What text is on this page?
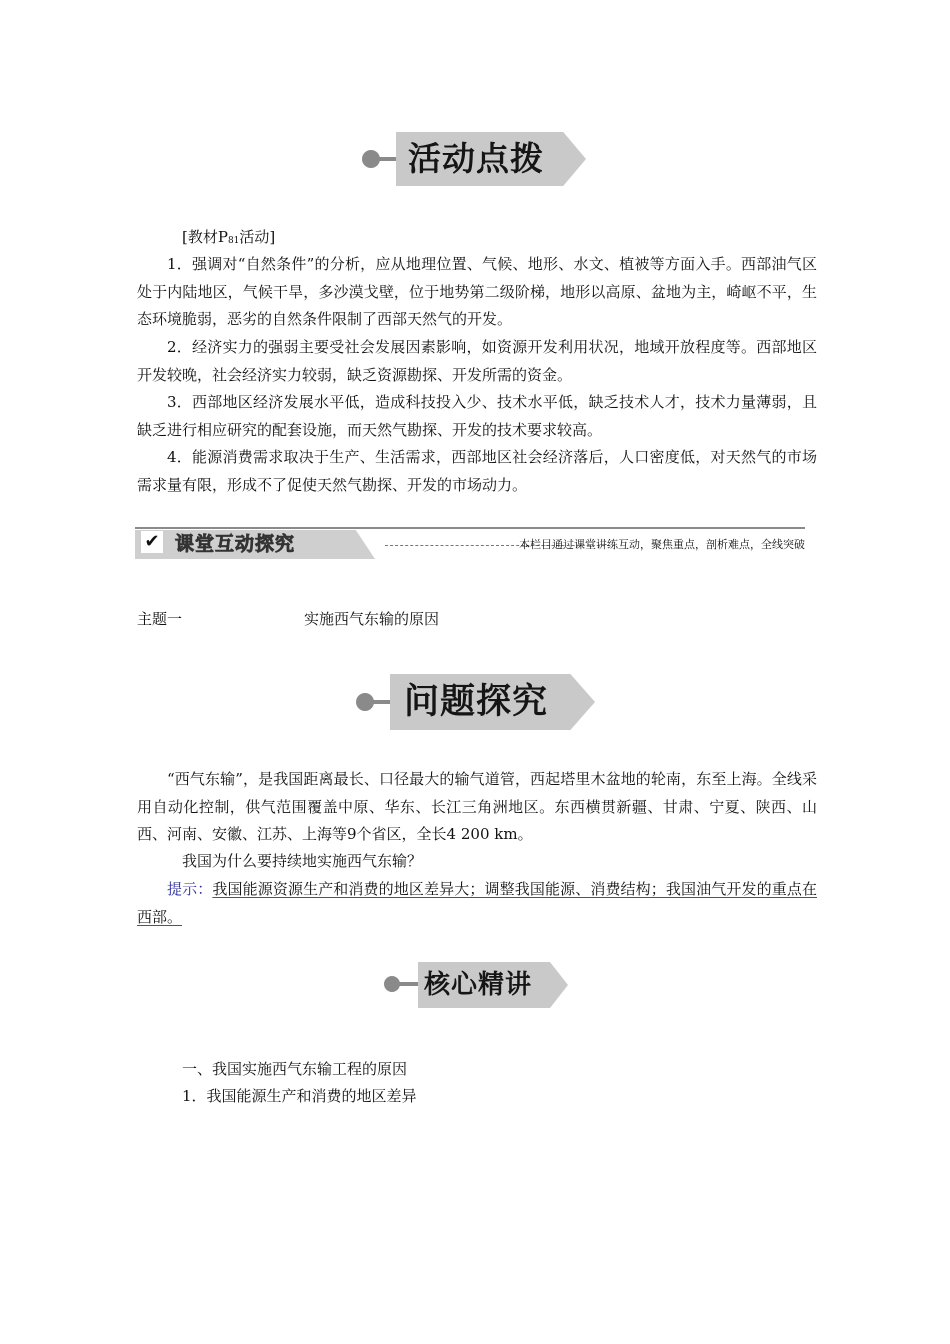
活动点拨
[教材$P_{81}$活动]
1．强调对“自然条件”的分析，应从地理位置、气候、地形、水文、植被等方面入手。西部油气区处于内陆地区，气候干旱，多沙漠戈壁，位于地势第二级阶梯，地形以高原、盆地为主，崎岖不平，生态环境脆弱，恶劣的自然条件限制了西部天然气的开发。
2．经济实力的强弱主要受社会发展因素影响，如资源开发利用状况，地域开放程度等。西部地区开发较晚，社会经济实力较弱，缺乏资源勘探、开发所需的资金。
3．西部地区经济发展水平低，造成科技投入少、技术水平低，缺乏技术人才，技术力量薄弱，且缺乏进行相应研究的配套设施，而天然气勘探、开发的技术要求较高。
4．能源消费需求取决于生产、生活需求，西部地区社会经济落后，人口密度低，对天然气的市场需求量有限，形成不了促使天然气勘探、开发的市场动力。
✔ 课堂互动探究	本栏目通过课堂讲练互动，聚焦重点，剖析难点，全线突破
主题一	实施西气东输的原因
问题探究
“西气东输”，是我国距离最长、口径最大的输气道管，西起塔里木盆地的轮南，东至上海。全线采用自动化控制，供气范围覆盖中原、华东、长江三角洲地区。东西横贯新疆、甘肃、宁夏、陕西、山西、河南、安徽、江苏、上海等9个省区，全长4 200 km。
我国为什么要持续地实施西气东输？
提示：我国能源资源生产和消费的地区差异大；调整我国能源、消费结构；我国油气开发的重点在西部。
核心精讲
一、我国实施西气东输工程的原因
1．我国能源生产和消费的地区差异
